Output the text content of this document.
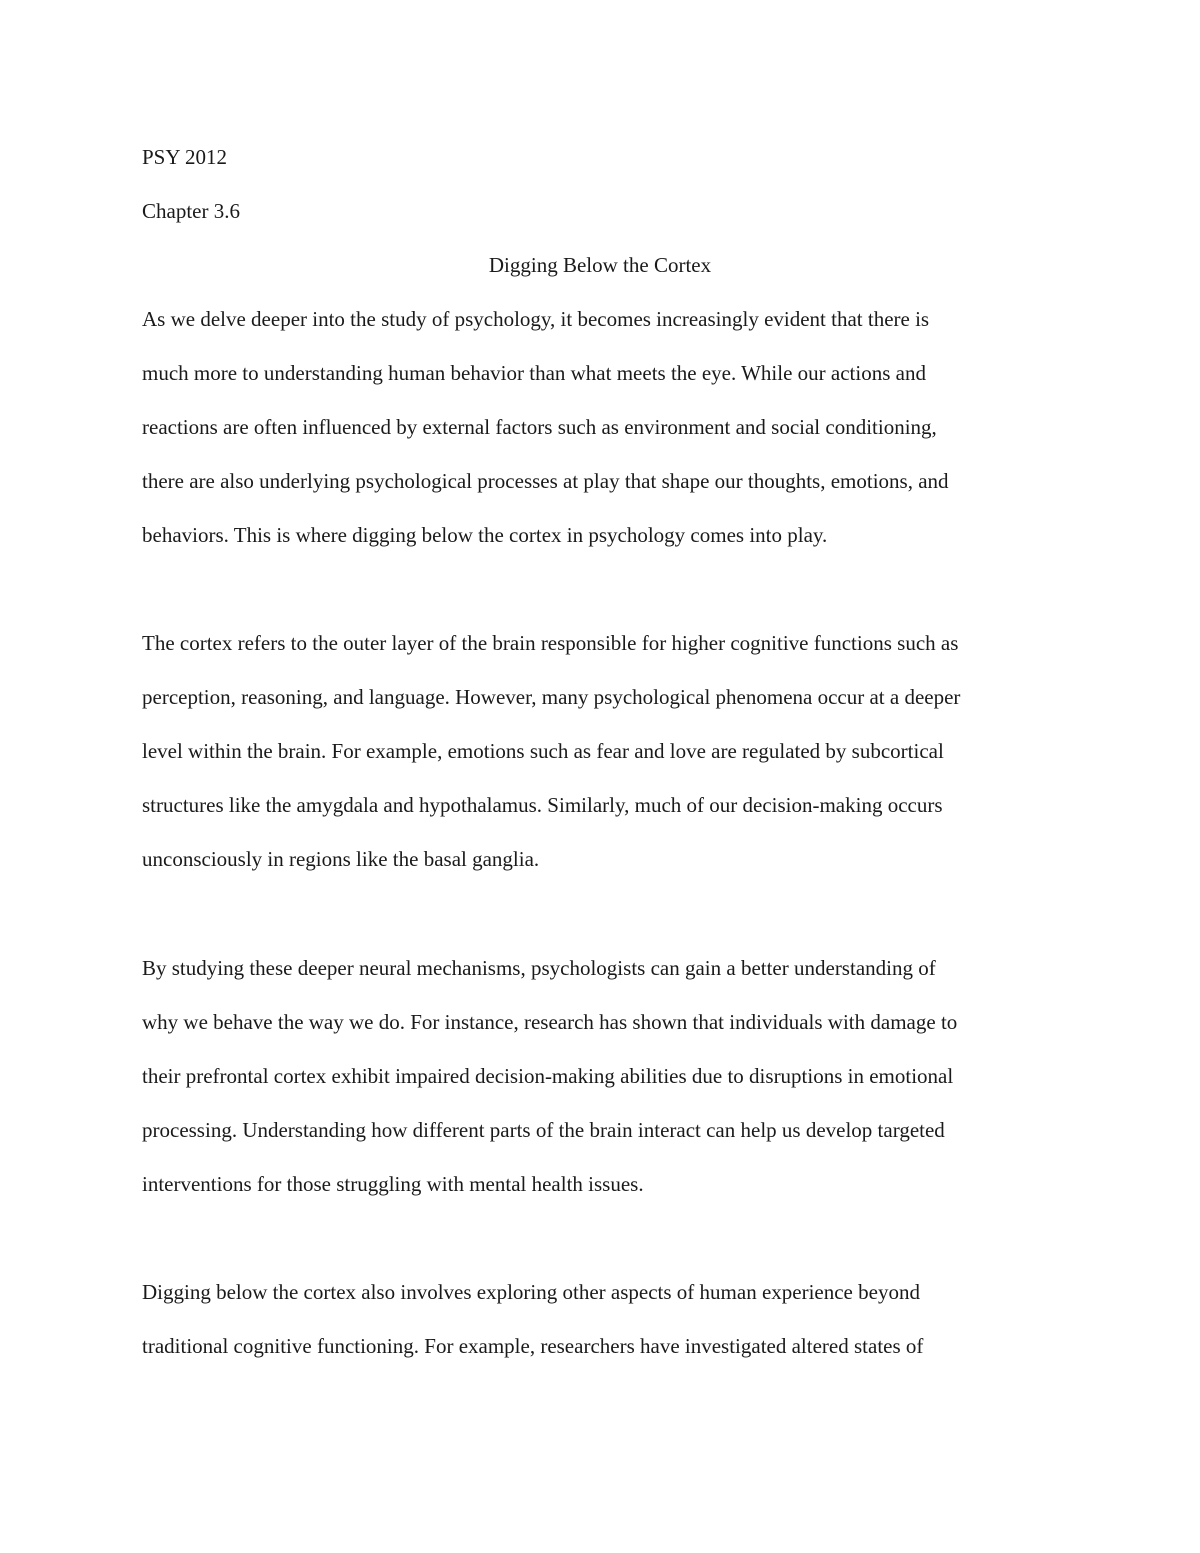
PSY 2012
Chapter 3.6
Digging Below the Cortex
As we delve deeper into the study of psychology, it becomes increasingly evident that there is
much more to understanding human behavior than what meets the eye. While our actions and
reactions are often influenced by external factors such as environment and social conditioning,
there are also underlying psychological processes at play that shape our thoughts, emotions, and
behaviors. This is where digging below the cortex in psychology comes into play.
The cortex refers to the outer layer of the brain responsible for higher cognitive functions such as
perception, reasoning, and language. However, many psychological phenomena occur at a deeper
level within the brain. For example, emotions such as fear and love are regulated by subcortical
structures like the amygdala and hypothalamus. Similarly, much of our decision-making occurs
unconsciously in regions like the basal ganglia.
By studying these deeper neural mechanisms, psychologists can gain a better understanding of
why we behave the way we do. For instance, research has shown that individuals with damage to
their prefrontal cortex exhibit impaired decision-making abilities due to disruptions in emotional
processing. Understanding how different parts of the brain interact can help us develop targeted
interventions for those struggling with mental health issues.
Digging below the cortex also involves exploring other aspects of human experience beyond
traditional cognitive functioning. For example, researchers have investigated altered states of
